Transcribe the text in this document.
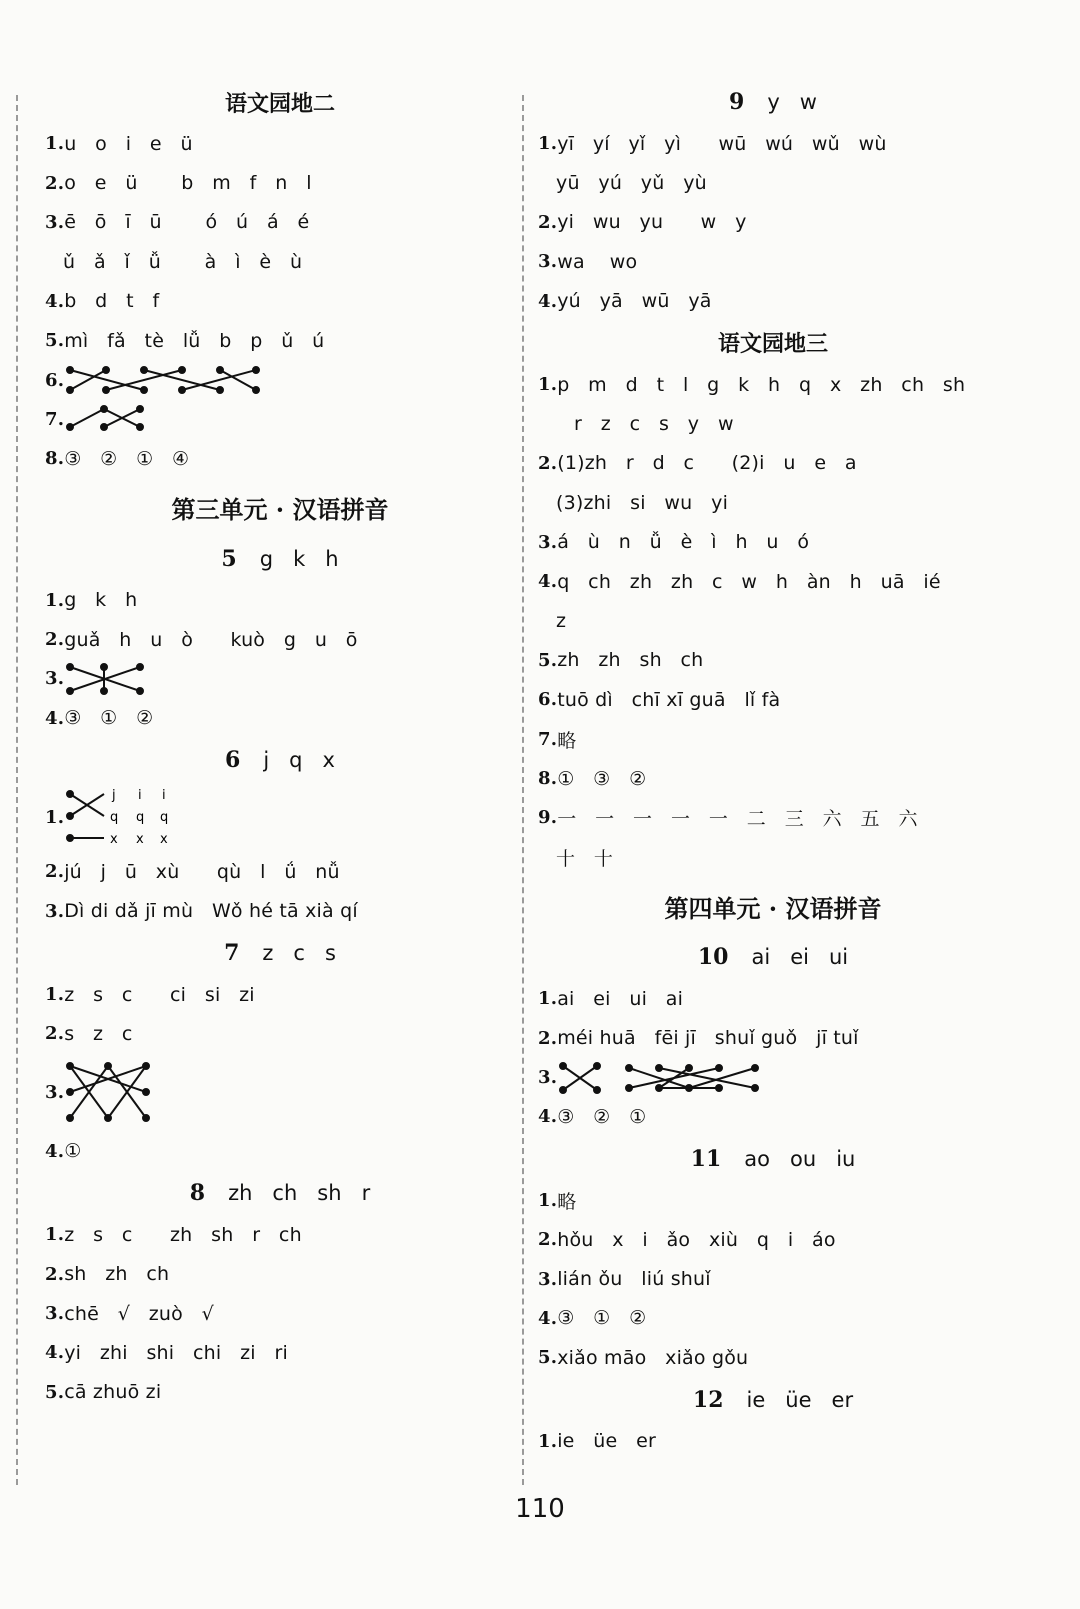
语文园地二
1. u   o   i   e   ü
2. o   e   ü       b   m   f   n   l
3. ē   ō   ī   ū       ó   ú   á   é
ǔ   ǎ   ǐ   ǚ       à   ì   è   ù
4. b   d   t   f
5. mì   fǎ   tè   lǚ   b   p   ǔ   ú
6.
7.
8. ③   ②   ①   ④
第三单元 · 汉语拼音
5
g   k   h
1. g   k   h
2. guǎ   h   u   ò      kuò   g   u   ō
3.
4. ③   ①   ②
6
j   q   x
1.
j i i
q q q
x x x
2. jú   j   ū   xù      qù   l   ǘ   nǚ
3. Dì di dǎ jī mù   Wǒ hé tā xià qí
7
z   c   s
1. z   s   c      ci   si   zi
2. s   z   c
3.
4. ①
8
zh   ch   sh   r
1. z   s   c      zh   sh   r   ch
2. sh   zh   ch
3. chē   √   zuò   √
4. yi   zhi   shi   chi   zi   ri
5. cā zhuō zi
9
y   w
1. yī   yí   yǐ   yì      wū   wú   wǔ   wù
yū   yú   yǔ   yù
2. yi   wu   yu      w   y
3. wa    wo
4. yú   yā   wū   yā
语文园地三
1. p   m   d   t   l   g   k   h   q   x   zh   ch   sh
r   z   c   s   y   w
2. (1)zh   r   d   c      (2)i   u   e   a
(3)zhi   si   wu   yi
3. á   ù   n   ǚ   è   ì   h   u   ó
4. q   ch   zh   zh   c   w   h   àn   h   uā   ié
z
5. zh   zh   sh   ch
6. tuō dì   chī xī guā   lǐ fà
7. 略
8. ①   ③   ②
9. 一   一   一   一   一   二   三   六   五   六
十   十
第四单元 · 汉语拼音
10
ai   ei   ui
1. ai   ei   ui   ai
2. méi huā   fēi jī   shuǐ guǒ   jī tuǐ
3.
4. ③   ②   ①
11
ao   ou   iu
1. 略
2. hǒu   x   i   ǎo   xiù   q   i   áo
3. lián ǒu   liú shuǐ
4. ③   ①   ②
5. xiǎo māo   xiǎo gǒu
12
ie   üe   er
1. ie   üe   er
110
